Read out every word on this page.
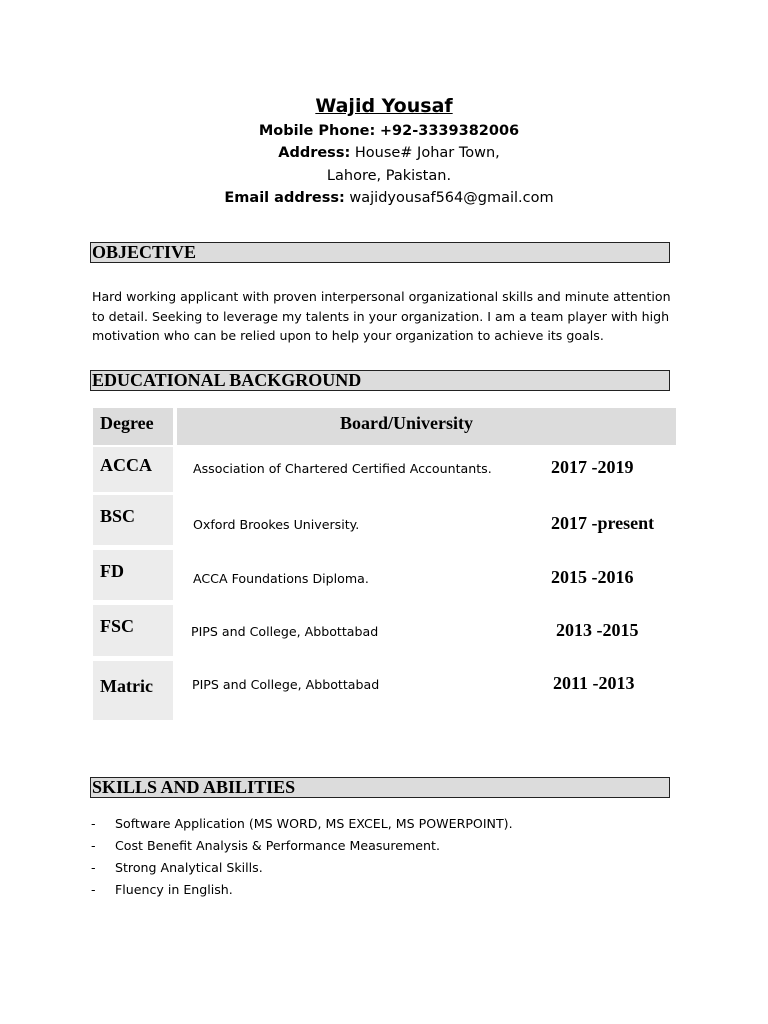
Wajid Yousaf
Mobile Phone: +92-3339382006
Address: House# Johar Town,
Lahore, Pakistan.
Email address: wajidyousaf564@gmail.com
OBJECTIVE
Hard working applicant with proven interpersonal organizational skills and minute attention to detail. Seeking to leverage my talents in your organization. I am a team player with high motivation who can be relied upon to help your organization to achieve its goals.
EDUCATIONAL BACKGROUND
Degree	Board/University
ACCA	Association of Chartered Certified Accountants.	2017 -2019
BSC	Oxford Brookes University.	2017 -present
FD	ACCA Foundations Diploma.	2015 -2016
FSC	PIPS and College, Abbottabad	2013 -2015
Matric	PIPS and College, Abbottabad	2011 -2013
SKILLS AND ABILITIES
- Software Application (MS WORD, MS EXCEL, MS POWERPOINT).
- Cost Benefit Analysis & Performance Measurement.
- Strong Analytical Skills.
- Fluency in English.
